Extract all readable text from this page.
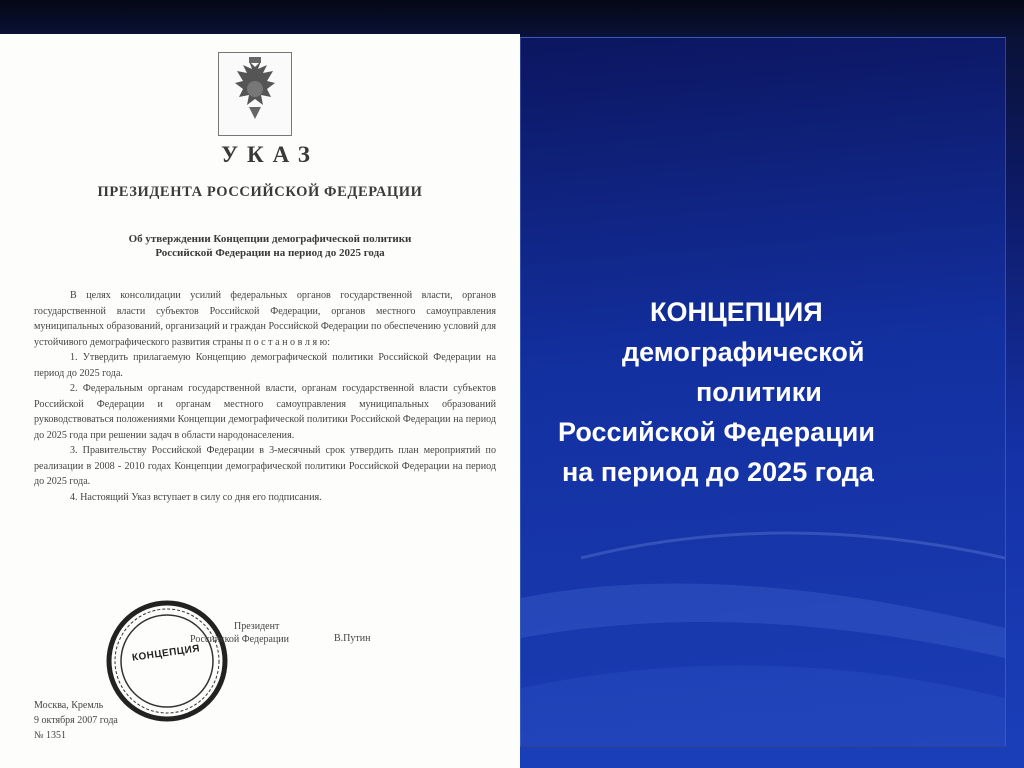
КОНЦЕПЦИЯ
демографической
политики
Российской Федерации
на период до 2025 года
УКАЗ
ПРЕЗИДЕНТА РОССИЙСКОЙ ФЕДЕРАЦИИ
Об утверждении Концепции демографической политики
Российской Федерации на период до 2025 года

В целях консолидации усилий федеральных органов государственной власти, органов государственной власти субъектов Российской Федерации, органов местного самоуправления муниципальных образований, организаций и граждан Российской Федерации по обеспечению условий для устойчивого демографического развития страны п о с т а н о в л я ю:

1. Утвердить прилагаемую Концепцию демографической политики Российской Федерации на период до 2025 года.

2. Федеральным органам государственной власти, органам государственной власти субъектов Российской Федерации и органам местного самоуправления муниципальных образований руководствоваться положениями Концепции демографической политики Российской Федерации на период до 2025 года при решении задач в области народонаселения.

3. Правительству Российской Федерации в 3-месячный срок утвердить план мероприятий по реализации в 2008 - 2010 годах Концепции демографической политики Российской Федерации на период до 2025 года.

4. Настоящий Указ вступает в силу со дня его подписания.

КОНЦЕПЦИЯ
Президент
Российской Федерации	В.Путин
Москва, Кремль
9 октября 2007 года
№ 1351
